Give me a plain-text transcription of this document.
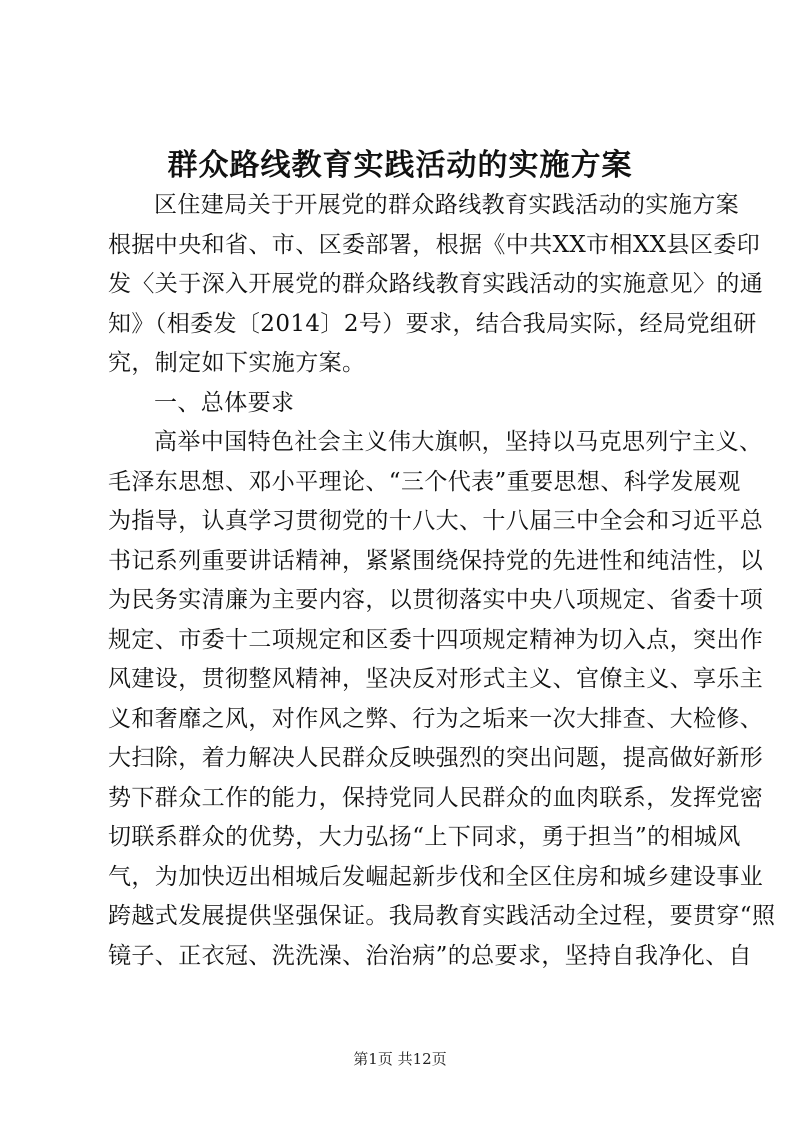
群众路线教育实践活动的实施方案
区住建局关于开展党的群众路线教育实践活动的实施方案
根据中央和省、市、区委部署，根据《中共XX市相XX县区委印
发〈关于深入开展党的群众路线教育实践活动的实施意见〉的通
知》（相委发〔2014〕2号）要求，结合我局实际，经局党组研
究，制定如下实施方案。
一、总体要求
高举中国特色社会主义伟大旗帜，坚持以马克思列宁主义、
毛泽东思想、邓小平理论、“三个代表”重要思想、科学发展观
为指导，认真学习贯彻党的十八大、十八届三中全会和习近平总
书记系列重要讲话精神，紧紧围绕保持党的先进性和纯洁性，以
为民务实清廉为主要内容，以贯彻落实中央八项规定、省委十项
规定、市委十二项规定和区委十四项规定精神为切入点，突出作
风建设，贯彻整风精神，坚决反对形式主义、官僚主义、享乐主
义和奢靡之风，对作风之弊、行为之垢来一次大排查、大检修、
大扫除，着力解决人民群众反映强烈的突出问题，提高做好新形
势下群众工作的能力，保持党同人民群众的血肉联系，发挥党密
切联系群众的优势，大力弘扬“上下同求，勇于担当”的相城风
气，为加快迈出相城后发崛起新步伐和全区住房和城乡建设事业
跨越式发展提供坚强保证。我局教育实践活动全过程，要贯穿“照
镜子、正衣冠、洗洗澡、治治病”的总要求，坚持自我净化、自
第1页 共12页
